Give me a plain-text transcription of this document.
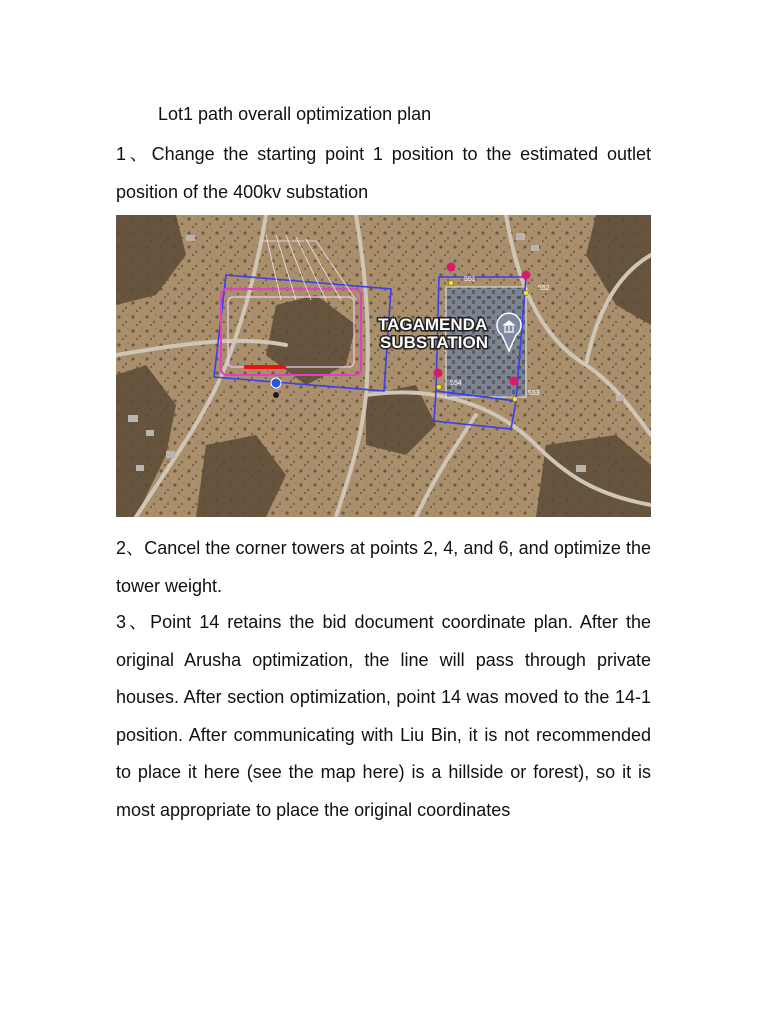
Lot1 path overall optimization plan

1、Change the starting point 1 position to the estimated outlet position of the 400kv substation

551
552
554
553
TAGAMENDA
SUBSTATION

2、Cancel the corner towers at points 2, 4, and 6, and optimize the tower weight.

3、Point 14 retains the bid document coordinate plan. After the original Arusha optimization, the line will pass through private houses. After section optimization, point 14 was moved to the 14-1 position. After communicating with Liu Bin, it is not recommended to place it here (see the map here) is a hillside or forest), so it is most appropriate to place the original coordinates
